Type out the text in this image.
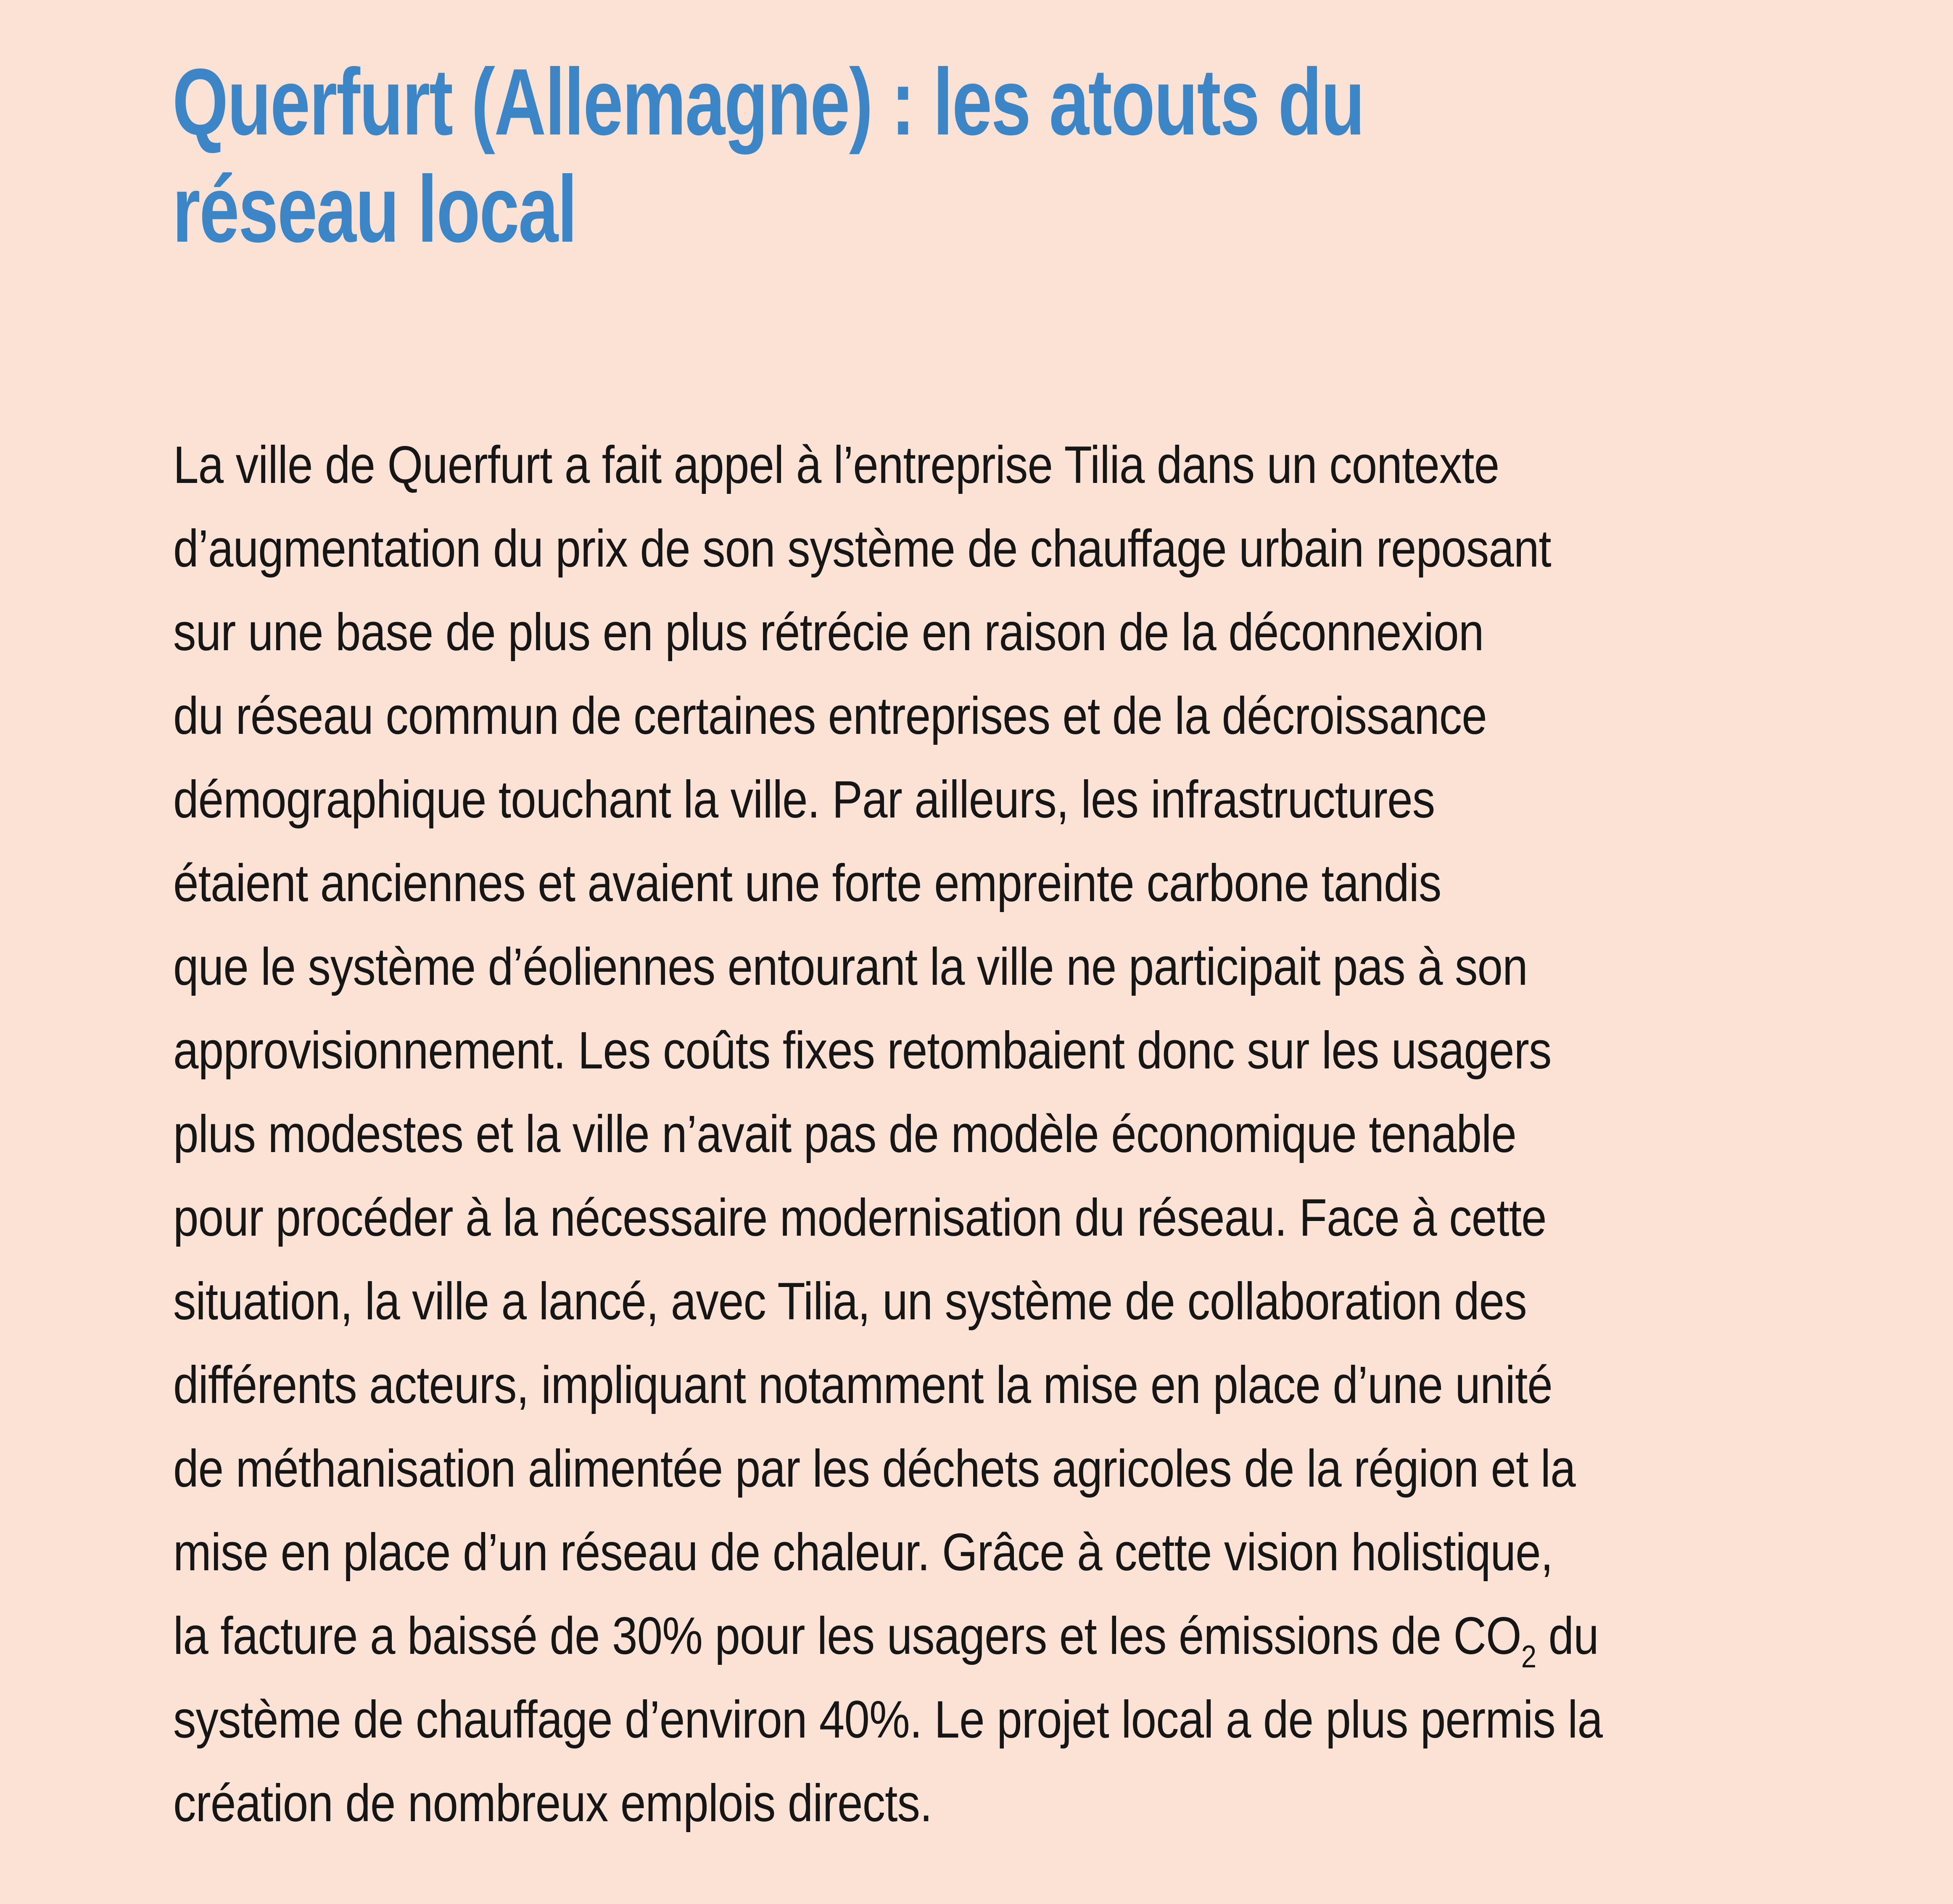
Querfurt (Allemagne) : les atouts du
réseau local
La ville de Querfurt a fait appel à l’entreprise Tilia dans un contexte
d’augmentation du prix de son système de chauffage urbain reposant
sur une base de plus en plus rétrécie en raison de la déconnexion
du réseau commun de certaines entreprises et de la décroissance
démographique touchant la ville. Par ailleurs, les infrastructures
étaient anciennes et avaient une forte empreinte carbone tandis
que le système d’éoliennes entourant la ville ne participait pas à son
approvisionnement. Les coûts fixes retombaient donc sur les usagers
plus modestes et la ville n’avait pas de modèle économique tenable
pour procéder à la nécessaire modernisation du réseau. Face à cette
situation, la ville a lancé, avec Tilia, un système de collaboration des
différents acteurs, impliquant notamment la mise en place d’une unité
de méthanisation alimentée par les déchets agricoles de la région et la
mise en place d’un réseau de chaleur. Grâce à cette vision holistique,
la facture a baissé de 30% pour les usagers et les émissions de $CO_2$ du
système de chauffage d’environ 40%. Le projet local a de plus permis la
création de nombreux emplois directs.
